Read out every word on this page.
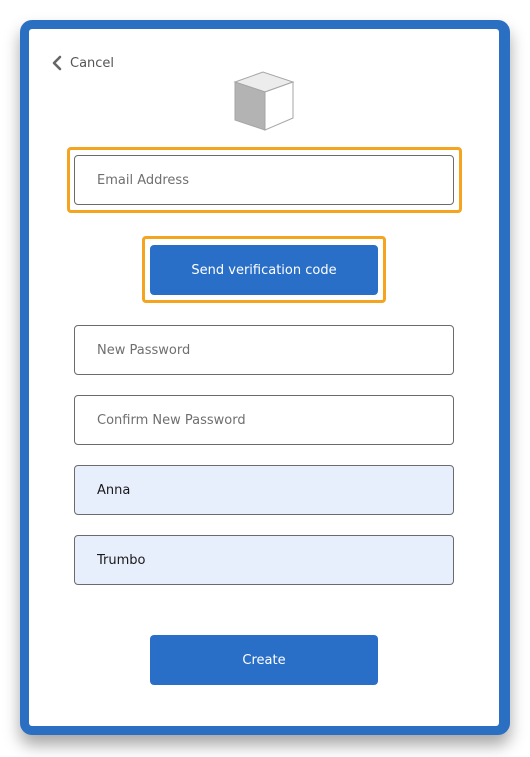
Cancel
Email Address
Send verification code
Anna
Trumbo
Create
